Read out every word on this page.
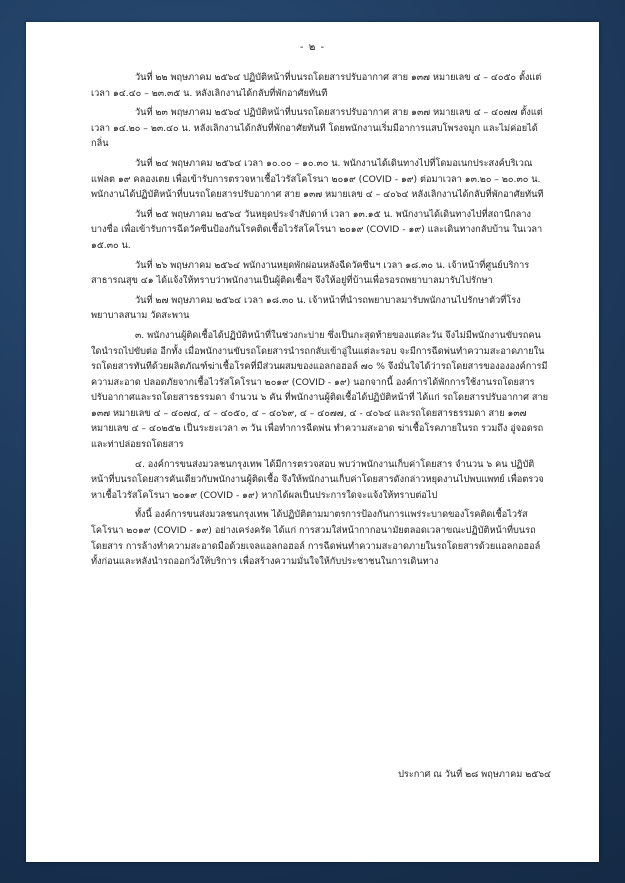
- ๒ -

วันที่ ๒๒ พฤษภาคม ๒๕๖๔ ปฏิบัติหน้าที่บนรถโดยสารปรับอากาศ สาย ๑๓๗ หมายเลข ๔ – ๔๐๕๐ ตั้งแต่เวลา ๑๔.๔๐ – ๒๓.๓๕ น. หลังเลิกงานได้กลับที่พักอาศัยทันที

วันที่ ๒๓ พฤษภาคม ๒๕๖๔ ปฏิบัติหน้าที่บนรถโดยสารปรับอากาศ สาย ๑๓๗ หมายเลข ๔ – ๔๐๗๗ ตั้งแต่เวลา ๑๔.๒๐ – ๒๓.๔๐ น. หลังเลิกงานได้กลับที่พักอาศัยทันที โดยพนักงานเริ่มมีอาการแสบโพรงจมูก และไม่ค่อยได้กลิ่น

วันที่ ๒๔ พฤษภาคม ๒๕๖๔ เวลา ๑๐.๐๐ – ๑๐.๓๐ น. พนักงานได้เดินทางไปที่โดมอเนกประสงค์บริเวณแฟลต ๑๙ คลองเตย เพื่อเข้ารับการตรวจหาเชื้อไวรัสโคโรนา ๒๐๑๙ (COVID - ๑๙) ต่อมาเวลา ๑๓.๒๐ – ๒๐.๓๐ น. พนักงานได้ปฏิบัติหน้าที่บนรถโดยสารปรับอากาศ สาย ๑๓๗ หมายเลข ๔ – ๔๐๖๔ หลังเลิกงานได้กลับที่พักอาศัยทันที

วันที่ ๒๕ พฤษภาคม ๒๕๖๔ วันหยุดประจำสัปดาห์ เวลา ๑๓.๑๕ น. พนักงานได้เดินทางไปที่สถานีกลางบางซื่อ เพื่อเข้ารับการฉีดวัคซีนป้องกันโรคติดเชื้อไวรัสโคโรนา ๒๐๑๙ (COVID - ๑๙) และเดินทางกลับบ้าน ในเวลา ๑๕.๓๐ น.

วันที่ ๒๖ พฤษภาคม ๒๕๖๔ พนักงานหยุดพักผ่อนหลังฉีดวัคซีนฯ เวลา ๑๘.๓๐ น. เจ้าหน้าที่ศูนย์บริการสาธารณสุข ๔๑ ได้แจ้งให้ทราบว่าพนักงานเป็นผู้ติดเชื้อฯ จึงให้อยู่ที่บ้านเพื่อรอรถพยาบาลมารับไปรักษา

วันที่ ๒๗ พฤษภาคม ๒๕๖๔ เวลา ๑๘.๓๐ น. เจ้าหน้าที่นำรถพยาบาลมารับพนักงานไปรักษาตัวที่โรงพยาบาลสนาม วัดสะพาน

๓. พนักงานผู้ติดเชื้อได้ปฏิบัติหน้าที่ในช่วงกะบ่าย ซึ่งเป็นกะสุดท้ายของแต่ละวัน จึงไม่มีพนักงานขับรถคนใดนำรถไปขับต่อ อีกทั้ง เมื่อพนักงานขับรถโดยสารนำรถกลับเข้าอู่ในแต่ละรอบ จะมีการฉีดพ่นทำความสะอาดภายในรถโดยสารทันทีด้วยผลิตภัณฑ์ฆ่าเชื้อโรคที่มีส่วนผสมของแอลกอฮอล์ ๗๐ % จึงมั่นใจได้ว่ารถโดยสารของององค์การมีความสะอาด ปลอดภัยจากเชื้อไวรัสโคโรนา ๒๐๑๙ (COVID - ๑๙) นอกจากนี้ องค์การได้พักการใช้งานรถโดยสารปรับอากาศและรถโดยสารธรรมดา จำนวน ๖ คัน ที่พนักงานผู้ติดเชื้อได้ปฏิบัติหน้าที่ ได้แก่ รถโดยสารปรับอากาศ สาย ๑๓๗ หมายเลข ๔ – ๔๐๗๔, ๔ – ๔๐๕๐, ๔ – ๔๐๖๙, ๔ – ๔๐๗๗, ๔ - ๔๐๖๔ และรถโดยสารธรรมดา สาย ๑๓๗ หมายเลข ๔ – ๔๐๒๕๒ เป็นระยะเวลา ๓ วัน เพื่อทำการฉีดพ่น ทำความสะอาด ฆ่าเชื้อโรคภายในรถ รวมถึง อู่จอดรถและท่าปล่อยรถโดยสาร

๔. องค์การขนส่งมวลชนกรุงเทพ ได้มีการตรวจสอบ พบว่าพนักงานเก็บค่าโดยสาร จำนวน ๖ คน ปฏิบัติหน้าที่บนรถโดยสารคันเดียวกับพนักงานผู้ติดเชื้อ จึงให้พนักงานเก็บค่าโดยสารดังกล่าวหยุดงานไปพบแพทย์ เพื่อตรวจหาเชื้อไวรัสโคโรนา ๒๐๑๙ (COVID - ๑๙) หากได้ผลเป็นประการใดจะแจ้งให้ทราบต่อไป

ทั้งนี้ องค์การขนส่งมวลชนกรุงเทพ ได้ปฏิบัติตามมาตรการป้องกันการแพร่ระบาดของโรคติดเชื้อไวรัสโคโรนา ๒๐๑๙ (COVID - ๑๙) อย่างเคร่งครัด ได้แก่ การสวมใส่หน้ากากอนามัยตลอดเวลาขณะปฏิบัติหน้าที่บนรถโดยสาร การล้างทำความสะอาดมือด้วยเจลแอลกอฮอล์ การฉีดพ่นทำความสะอาดภายในรถโดยสารด้วยแอลกอฮอล์ ทั้งก่อนและหลังนำรถออกวิ่งให้บริการ เพื่อสร้างความมั่นใจให้กับประชาชนในการเดินทาง

ประกาศ ณ วันที่ ๒๘ พฤษภาคม ๒๕๖๔
